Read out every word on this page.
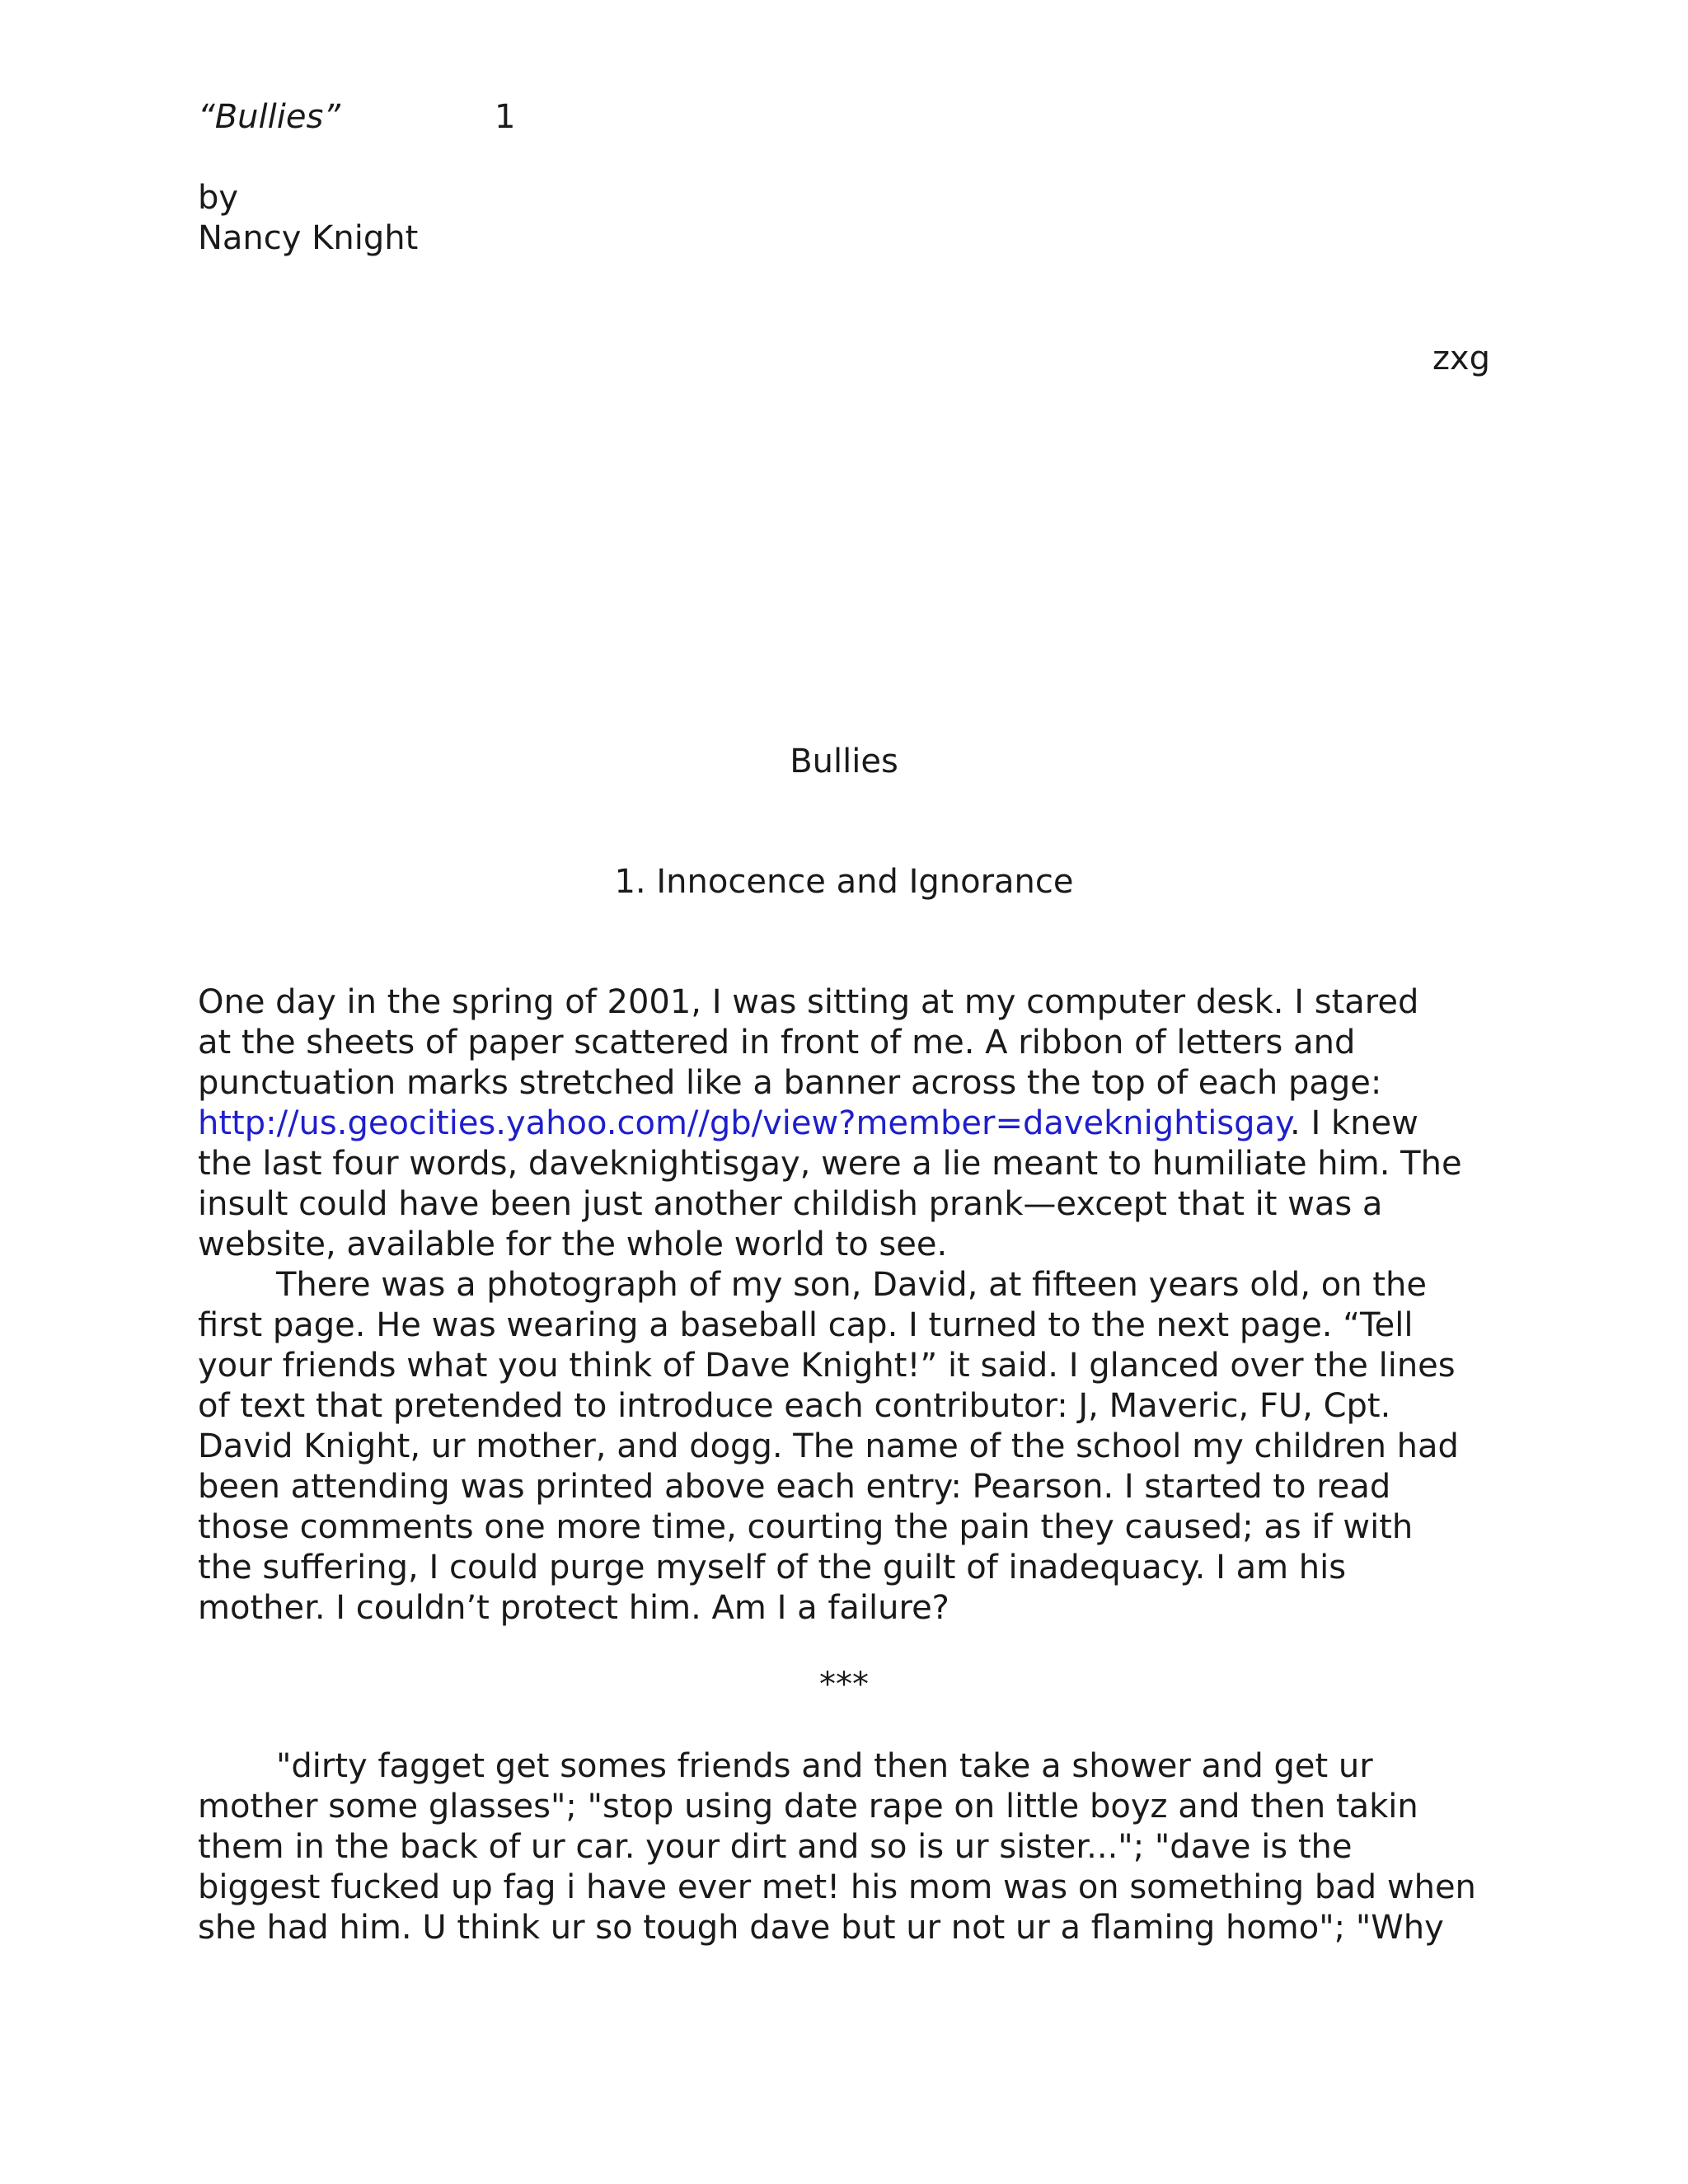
“Bullies”	1
by
Nancy Knight
zxg
Bullies
1. Innocence and Ignorance
One day in the spring of 2001, I was sitting at my computer desk. I stared
at the sheets of paper scattered in front of me. A ribbon of letters and
punctuation marks stretched like a banner across the top of each page:
http://us.geocities.yahoo.com//gb/view?member=daveknightisgay. I knew
the last four words, daveknightisgay, were a lie meant to humiliate him. The
insult could have been just another childish prank—except that it was a
website, available for the whole world to see.
There was a photograph of my son, David, at fifteen years old, on the
first page. He was wearing a baseball cap. I turned to the next page. “Tell
your friends what you think of Dave Knight!” it said. I glanced over the lines
of text that pretended to introduce each contributor: J, Maveric, FU, Cpt.
David Knight, ur mother, and dogg. The name of the school my children had
been attending was printed above each entry: Pearson. I started to read
those comments one more time, courting the pain they caused; as if with
the suffering, I could purge myself of the guilt of inadequacy. I am his
mother. I couldn’t protect him. Am I a failure?
***
"dirty fagget get somes friends and then take a shower and get ur
mother some glasses"; "stop using date rape on little boyz and then takin
them in the back of ur car. your dirt and so is ur sister..."; "dave is the
biggest fucked up fag i have ever met! his mom was on something bad when
she had him. U think ur so tough dave but ur not ur a flaming homo"; "Why
